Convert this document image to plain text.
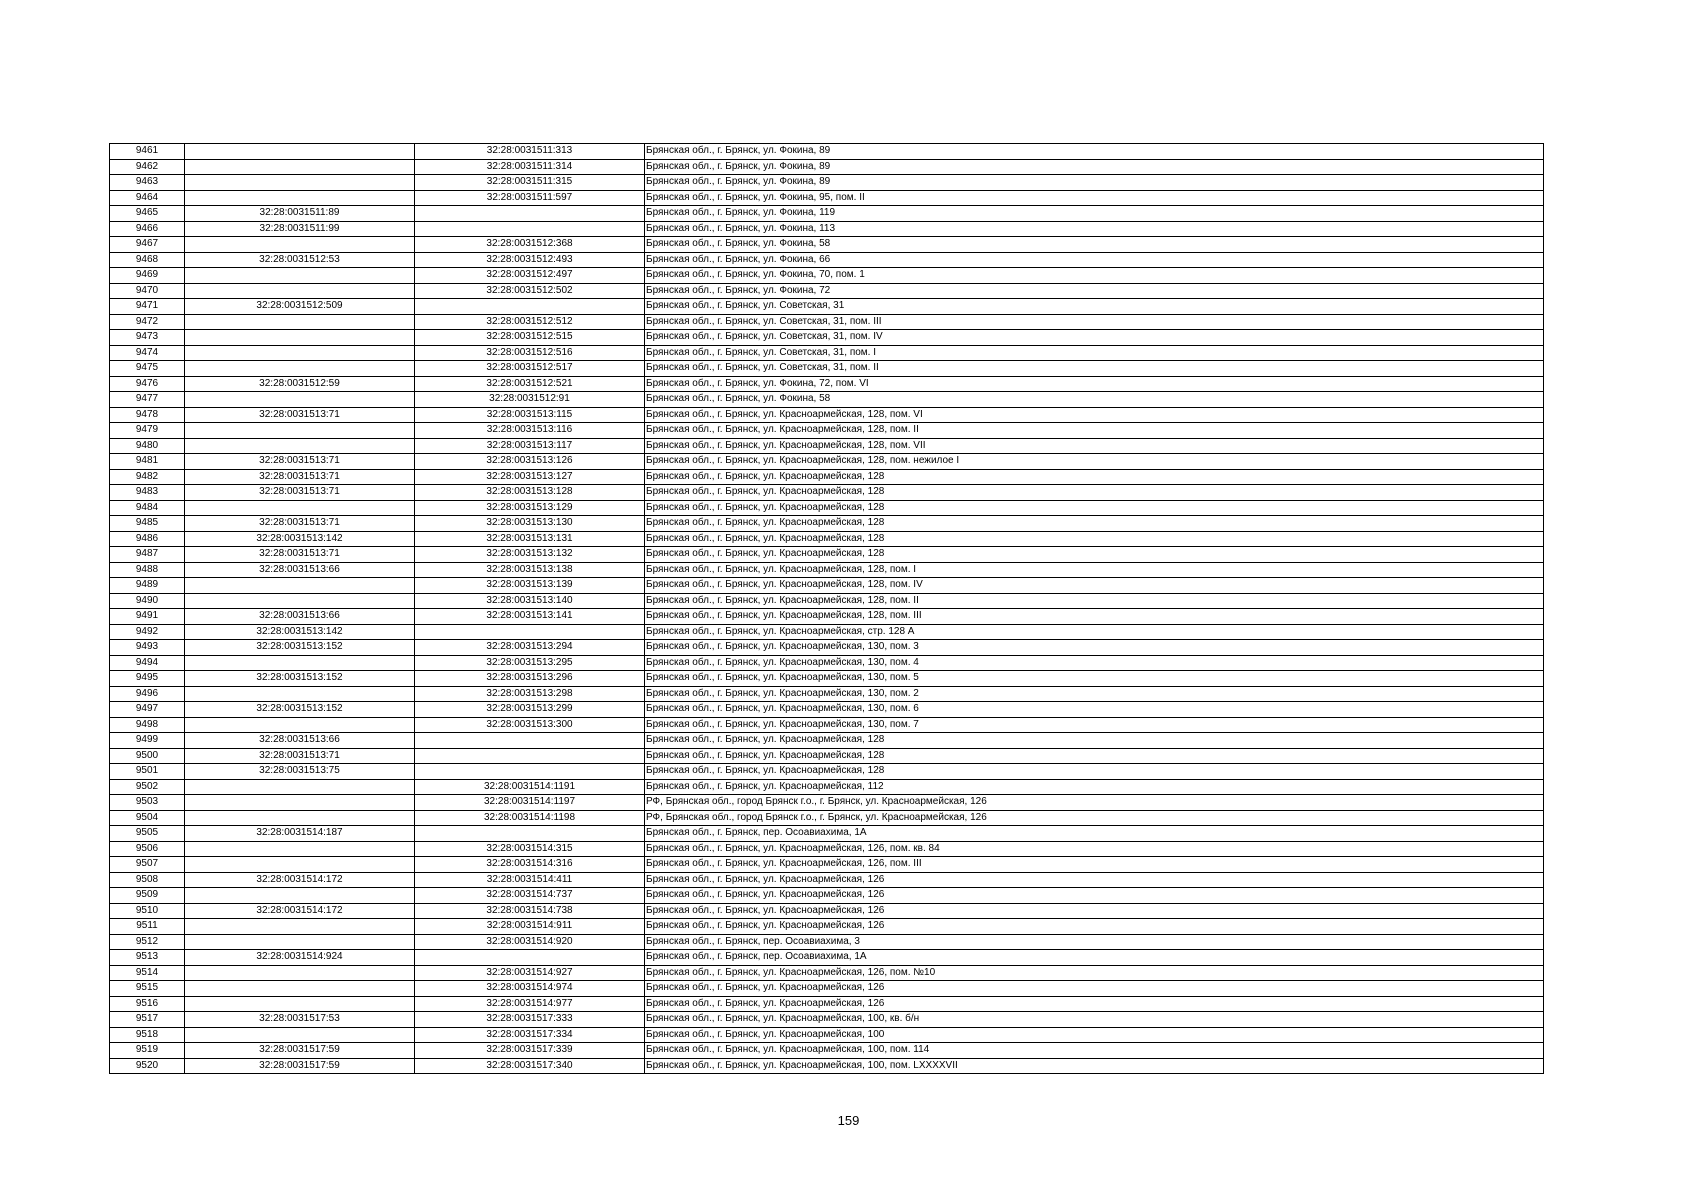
9461		32:28:0031511:313	Брянская обл., г. Брянск, ул. Фокина, 89
9462		32:28:0031511:314	Брянская обл., г. Брянск, ул. Фокина, 89
9463		32:28:0031511:315	Брянская обл., г. Брянск, ул. Фокина, 89
9464		32:28:0031511:597	Брянская обл., г. Брянск, ул. Фокина, 95, пом. II
9465	32:28:0031511:89		Брянская обл., г. Брянск, ул. Фокина, 119
9466	32:28:0031511:99		Брянская обл., г. Брянск, ул. Фокина, 113
9467		32:28:0031512:368	Брянская обл., г. Брянск, ул. Фокина, 58
9468	32:28:0031512:53	32:28:0031512:493	Брянская обл., г. Брянск, ул. Фокина, 66
9469		32:28:0031512:497	Брянская обл., г. Брянск, ул. Фокина, 70, пом. 1
9470		32:28:0031512:502	Брянская обл., г. Брянск, ул. Фокина, 72
9471	32:28:0031512:509		Брянская обл., г. Брянск, ул. Советская, 31
9472		32:28:0031512:512	Брянская обл., г. Брянск, ул. Советская, 31, пом. III
9473		32:28:0031512:515	Брянская обл., г. Брянск, ул. Советская, 31, пом. IV
9474		32:28:0031512:516	Брянская обл., г. Брянск, ул. Советская, 31, пом. I
9475		32:28:0031512:517	Брянская обл., г. Брянск, ул. Советская, 31, пом. II
9476	32:28:0031512:59	32:28:0031512:521	Брянская обл., г. Брянск, ул. Фокина, 72, пом. VI
9477		32:28:0031512:91	Брянская обл., г. Брянск, ул. Фокина, 58
9478	32:28:0031513:71	32:28:0031513:115	Брянская обл., г. Брянск, ул. Красноармейская, 128, пом. VI
9479		32:28:0031513:116	Брянская обл., г. Брянск, ул. Красноармейская, 128, пом. II
9480		32:28:0031513:117	Брянская обл., г. Брянск, ул. Красноармейская, 128, пом. VII
9481	32:28:0031513:71	32:28:0031513:126	Брянская обл., г. Брянск, ул. Красноармейская, 128, пом. нежилое I
9482	32:28:0031513:71	32:28:0031513:127	Брянская обл., г. Брянск, ул. Красноармейская, 128
9483	32:28:0031513:71	32:28:0031513:128	Брянская обл., г. Брянск, ул. Красноармейская, 128
9484		32:28:0031513:129	Брянская обл., г. Брянск, ул. Красноармейская, 128
9485	32:28:0031513:71	32:28:0031513:130	Брянская обл., г. Брянск, ул. Красноармейская, 128
9486	32:28:0031513:142	32:28:0031513:131	Брянская обл., г. Брянск, ул. Красноармейская, 128
9487	32:28:0031513:71	32:28:0031513:132	Брянская обл., г. Брянск, ул. Красноармейская, 128
9488	32:28:0031513:66	32:28:0031513:138	Брянская обл., г. Брянск, ул. Красноармейская, 128, пом. I
9489		32:28:0031513:139	Брянская обл., г. Брянск, ул. Красноармейская, 128, пом. IV
9490		32:28:0031513:140	Брянская обл., г. Брянск, ул. Красноармейская, 128, пом. II
9491	32:28:0031513:66	32:28:0031513:141	Брянская обл., г. Брянск, ул. Красноармейская, 128, пом. III
9492	32:28:0031513:142		Брянская обл., г. Брянск, ул. Красноармейская, стр. 128 А
9493	32:28:0031513:152	32:28:0031513:294	Брянская обл., г. Брянск, ул. Красноармейская, 130, пом. 3
9494		32:28:0031513:295	Брянская обл., г. Брянск, ул. Красноармейская, 130, пом. 4
9495	32:28:0031513:152	32:28:0031513:296	Брянская обл., г. Брянск, ул. Красноармейская, 130, пом. 5
9496		32:28:0031513:298	Брянская обл., г. Брянск, ул. Красноармейская, 130, пом. 2
9497	32:28:0031513:152	32:28:0031513:299	Брянская обл., г. Брянск, ул. Красноармейская, 130, пом. 6
9498		32:28:0031513:300	Брянская обл., г. Брянск, ул. Красноармейская, 130, пом. 7
9499	32:28:0031513:66		Брянская обл., г. Брянск, ул. Красноармейская, 128
9500	32:28:0031513:71		Брянская обл., г. Брянск, ул. Красноармейская, 128
9501	32:28:0031513:75		Брянская обл., г. Брянск, ул. Красноармейская, 128
9502		32:28:0031514:1191	Брянская обл., г. Брянск, ул. Красноармейская, 112
9503		32:28:0031514:1197	РФ, Брянская обл., город Брянск г.о., г. Брянск, ул. Красноармейская, 126
9504		32:28:0031514:1198	РФ, Брянская обл., город Брянск г.о., г. Брянск, ул. Красноармейская, 126
9505	32:28:0031514:187		Брянская обл., г. Брянск, пер. Осоавиахима, 1А
9506		32:28:0031514:315	Брянская обл., г. Брянск, ул. Красноармейская, 126, пом. кв. 84
9507		32:28:0031514:316	Брянская обл., г. Брянск, ул. Красноармейская, 126, пом. III
9508	32:28:0031514:172	32:28:0031514:411	Брянская обл., г. Брянск, ул. Красноармейская, 126
9509		32:28:0031514:737	Брянская обл., г. Брянск, ул. Красноармейская, 126
9510	32:28:0031514:172	32:28:0031514:738	Брянская обл., г. Брянск, ул. Красноармейская, 126
9511		32:28:0031514:911	Брянская обл., г. Брянск, ул. Красноармейская, 126
9512		32:28:0031514:920	Брянская обл., г. Брянск, пер. Осоавиахима, 3
9513	32:28:0031514:924		Брянская обл., г. Брянск, пер. Осоавиахима, 1А
9514		32:28:0031514:927	Брянская обл., г. Брянск, ул. Красноармейская, 126, пом. №10
9515		32:28:0031514:974	Брянская обл., г. Брянск, ул. Красноармейская, 126
9516		32:28:0031514:977	Брянская обл., г. Брянск, ул. Красноармейская, 126
9517	32:28:0031517:53	32:28:0031517:333	Брянская обл., г. Брянск, ул. Красноармейская, 100, кв. б/н
9518		32:28:0031517:334	Брянская обл., г. Брянск, ул. Красноармейская, 100
9519	32:28:0031517:59	32:28:0031517:339	Брянская обл., г. Брянск, ул. Красноармейская, 100, пом. 114
9520	32:28:0031517:59	32:28:0031517:340	Брянская обл., г. Брянск, ул. Красноармейская, 100, пом. LXXXXVII
159
